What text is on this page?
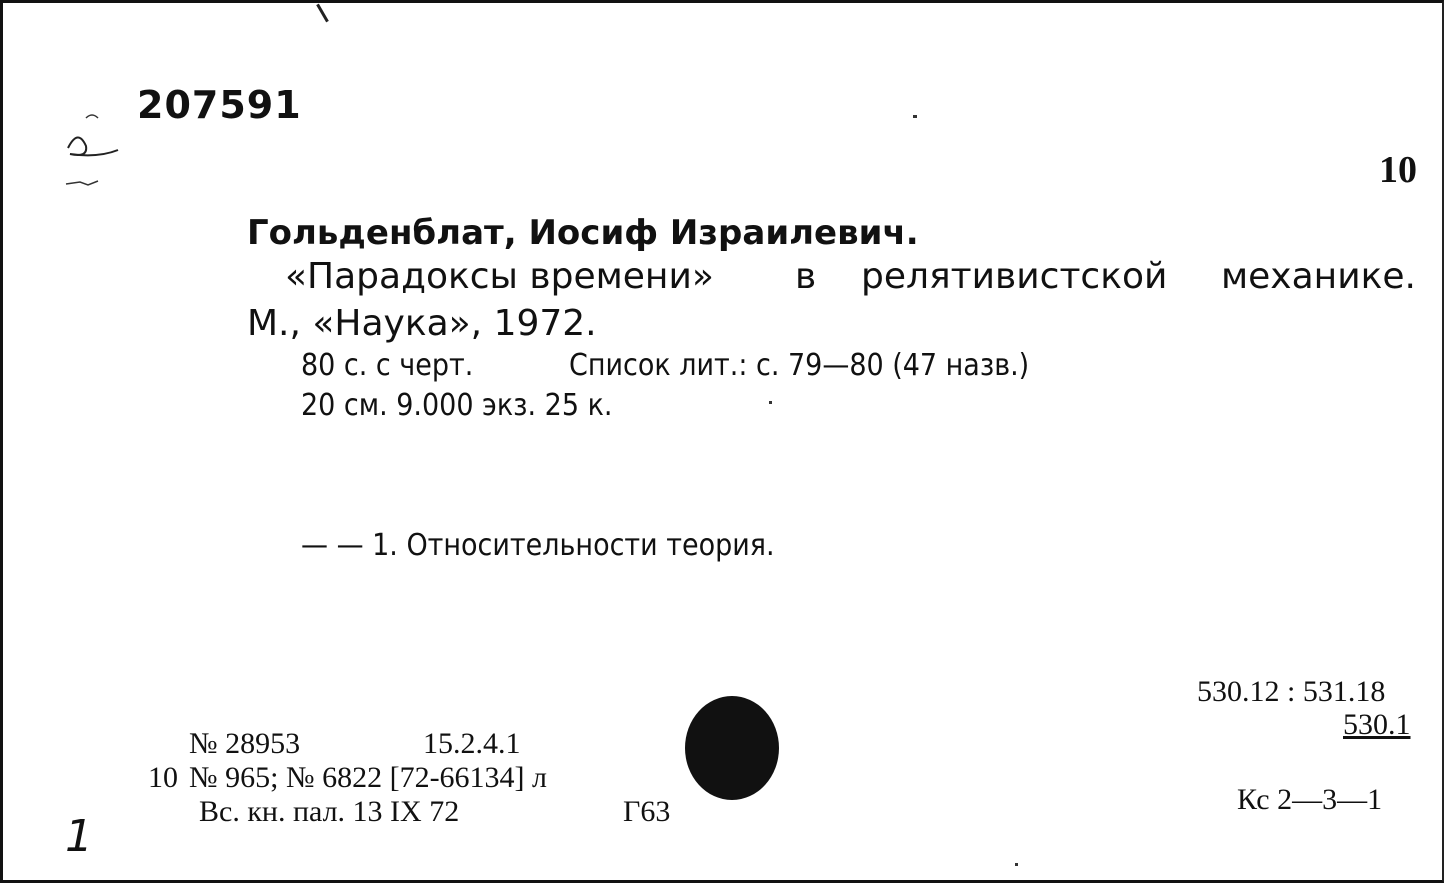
207591
10
Гольденблат, Иосиф Израилевич.
«Парадоксы времени» в релятивистской механике.
М., «Наука», 1972.
80 с. с черт.	Список лит.: с. 79—80 (47 назв.)
20 см. 9.000 экз. 25 к.
— — 1. Относительности теория.
530.12 : 531.18
530.1
Кс 2—3—1
№ 28953	15.2.4.1
10 № 965; № 6822 [72-66134] л
Вс. кн. пал. 13 IX 72	Г63
1
